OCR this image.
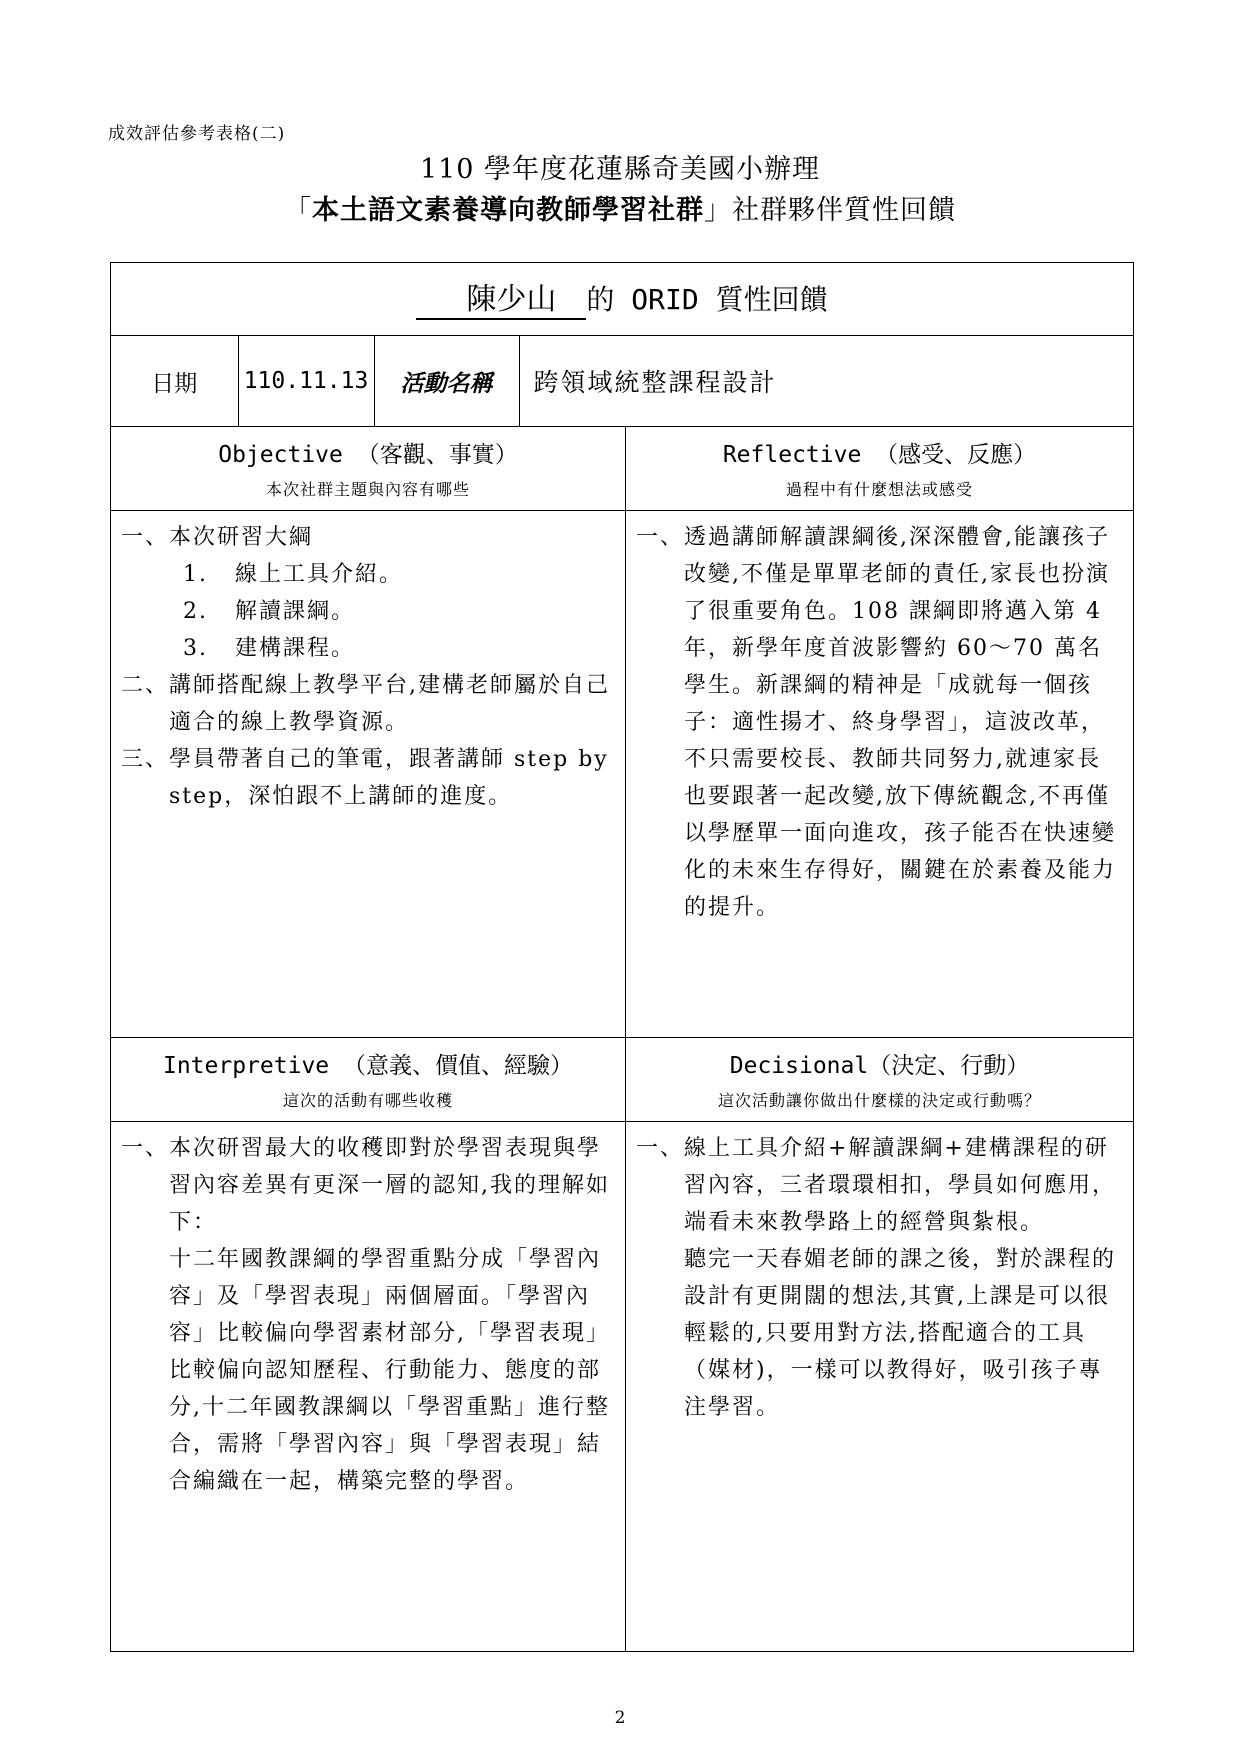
成效評估參考表格(二)
110 學年度花蓮縣奇美國小辦理
「本土語文素養導向教師學習社群」社群夥伴質性回饋
陳少山 的 ORID 質性回饋

日期	110.11.13	活動名稱	跨領域統整課程設計

Objective （客觀、事實）
本次社群主題與內容有哪些

Reflective （感受、反應）
過程中有什麼想法或感受

一、本次研習大綱

1. 線上工具介紹。

2. 解讀課綱。

3. 建構課程。

二、講師搭配線上教學平台,建構老師屬於自己適合的線上教學資源。

三、學員帶著自己的筆電，跟著講師 step by step，深怕跟不上講師的進度。

一、透過講師解讀課綱後,深深體會,能讓孩子改變,不僅是單單老師的責任,家長也扮演了很重要角色。108 課綱即將邁入第 4 年，新學年度首波影響約 60～70 萬名學生。新課綱的精神是「成就每一個孩子：適性揚才、終身學習」，這波改革，不只需要校長、教師共同努力,就連家長也要跟著一起改變,放下傳統觀念,不再僅以學歷單一面向進攻，孩子能否在快速變化的未來生存得好，關鍵在於素養及能力的提升。

Interpretive （意義、價值、經驗）
這次的活動有哪些收穫

Decisional（決定、行動）
這次活動讓你做出什麼樣的決定或行動嗎？

一、本次研習最大的收穫即對於學習表現與學習內容差異有更深一層的認知,我的理解如下：

十二年國教課綱的學習重點分成「學習內容」及「學習表現」兩個層面。「學習內容」比較偏向學習素材部分,「學習表現」比較偏向認知歷程、行動能力、態度的部分,十二年國教課綱以「學習重點」進行整合，需將「學習內容」與「學習表現」結合編織在一起，構築完整的學習。

一、線上工具介紹+解讀課綱+建構課程的研習內容，三者環環相扣，學員如何應用，端看未來教學路上的經營與紮根。

聽完一天春媚老師的課之後，對於課程的設計有更開闊的想法,其實,上課是可以很輕鬆的,只要用對方法,搭配適合的工具（媒材)，一樣可以教得好，吸引孩子專注學習。

2
